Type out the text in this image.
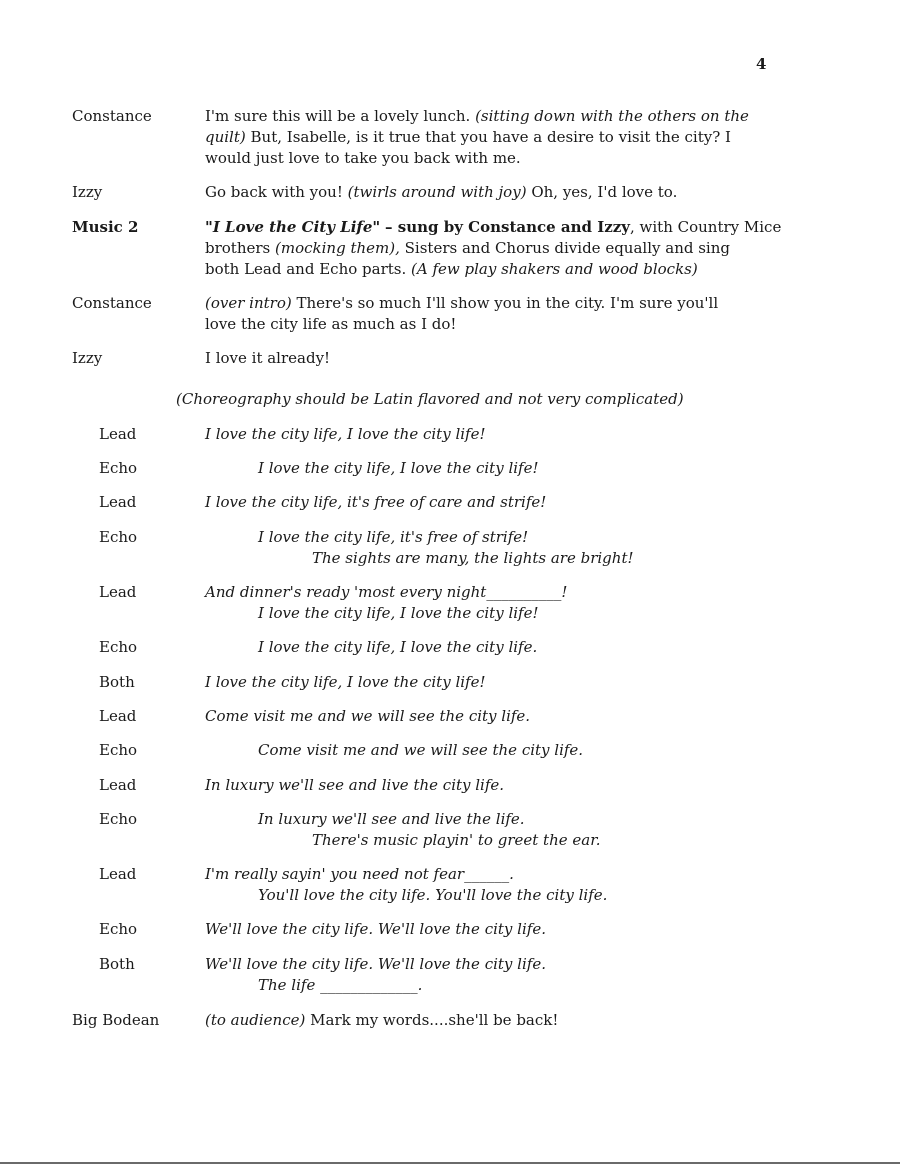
4
Constance	I'm sure this will be a lovely lunch. (sitting down with the others on the
quilt) But, Isabelle, is it true that you have a desire to visit the city? I
would just love to take you back with me.
Izzy	Go back with you! (twirls around with joy) Oh, yes, I'd love to.
Music 2	"I Love the City Life" – sung by Constance and Izzy, with Country Mice
brothers (mocking them), Sisters and Chorus divide equally and sing
both Lead and Echo parts. (A few play shakers and wood blocks)
Constance	(over intro) There's so much I'll show you in the city. I'm sure you'll
love the city life as much as I do!
Izzy	I love it already!
(Choreography should be Latin flavored and not very complicated)
Lead	I love the city life, I love the city life!
Echo	I love the city life, I love the city life!
Lead	I love the city life, it's free of care and strife!
Echo	I love the city life, it's free of strife!
The sights are many, the lights are bright!
Lead	And dinner's ready 'most every night__________!
I love the city life, I love the city life!
Echo	I love the city life, I love the city life.
Both	I love the city life, I love the city life!
Lead	Come visit me and we will see the city life.
Echo	Come visit me and we will see the city life.
Lead	In luxury we'll see and live the city life.
Echo	In luxury we'll see and live the life.
There's music playin' to greet the ear.
Lead	I'm really sayin' you need not fear______.
You'll love the city life. You'll love the city life.
Echo	We'll love the city life. We'll love the city life.
Both	We'll love the city life. We'll love the city life.
The life _____________.
Big Bodean	(to audience) Mark my words....she'll be back!
